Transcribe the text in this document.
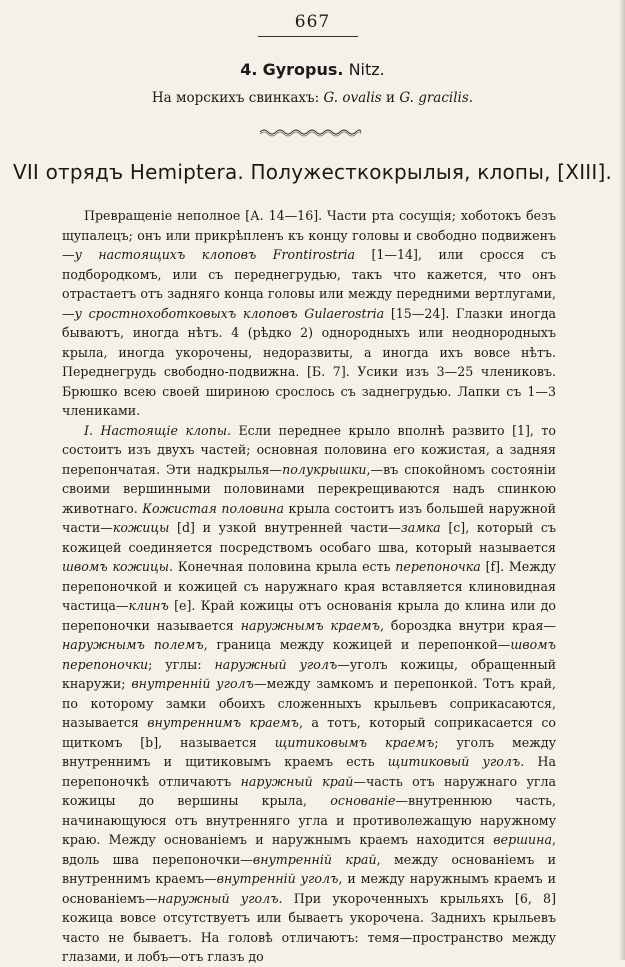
667
4. Gyropus. Nitz.
На морскихъ свинкахъ: G. ovalis и G. gracilis.
VII отрядъ Hemiptera. Полужесткокрылыя, клопы, [XIII].

Превращеніе неполное [А. 14—16]. Части рта сосущія; хоботокъ безъ щупалецъ; онъ или прикрѣпленъ къ концу головы и свободно подвиженъ—у настоящихъ клоповъ Frontirostria [1—14], или сросся съ подбородкомъ, или съ переднегрудью, такъ что кажется, что онъ отрастаетъ отъ задняго конца головы или между передними вертлугами,—у сростнохоботковыхъ клоповъ Gulaerostria [15—24]. Глазки иногда бываютъ, иногда нѣтъ. 4 (рѣдко 2) однородныхъ или неоднородныхъ крыла, иногда укорочены, недоразвиты, а иногда ихъ вовсе нѣтъ. Переднегрудь свободно-подвижна. [Б. 7]. Усики изъ 3—25 члениковъ. Брюшко всею своей шириною срослось съ заднегрудью. Лапки съ 1—3 члениками.

I. Настоящіе клопы. Если переднее крыло вполнѣ развито [1], то состоитъ изъ двухъ частей; основная половина его кожистая, а задняя перепончатая. Эти надкрылья—полукрышки,—въ спокойномъ состояніи своими вершинными половинами перекрещиваются надъ спинкою животнаго. Кожистая половина крыла состоитъ изъ большей наружной части—кожицы [d] и узкой внутренней части—замка [c], который съ кожицей соединяется посредствомъ особаго шва, который называется швомъ кожицы. Конечная половина крыла есть перепоночка [f]. Между перепоночкой и кожицей съ наружнаго края вставляется клиновидная частица—клинъ [e]. Край кожицы отъ основанія крыла до клина или до перепоночки называется наружнымъ краемъ, бороздка внутри края—наружнымъ полемъ, граница между кожицей и перепонкой—швомъ перепоночки; углы: наружный уголъ—уголъ кожицы, обращенный кнаружи; внутренній уголъ—между замкомъ и перепонкой. Тотъ край, по которому замки обоихъ сложенныхъ крыльевъ соприкасаются, называется внутреннимъ краемъ, а тотъ, который соприкасается со щиткомъ [b], называется щитиковымъ краемъ; уголъ между внутреннимъ и щитиковымъ краемъ есть щитиковый уголъ. На перепоночкѣ отличаютъ наружный край—часть отъ наружнаго угла кожицы до вершины крыла, основаніе—внутреннюю часть, начинающуюся отъ внутренняго угла и противолежащую наружному краю. Между основаніемъ и наружнымъ краемъ находится вершина, вдоль шва перепоночки—внутренній край, между основаніемъ и внутреннимъ краемъ—внутренній уголъ, и между наружнымъ краемъ и основаніемъ—наружный уголъ. При укороченныхъ крыльяхъ [6, 8] кожица вовсе отсутствуетъ или бываетъ укорочена. Заднихъ крыльевъ часто не бываетъ. На головѣ отличаютъ: темя—пространство между глазами, и лобъ—отъ глазъ до
